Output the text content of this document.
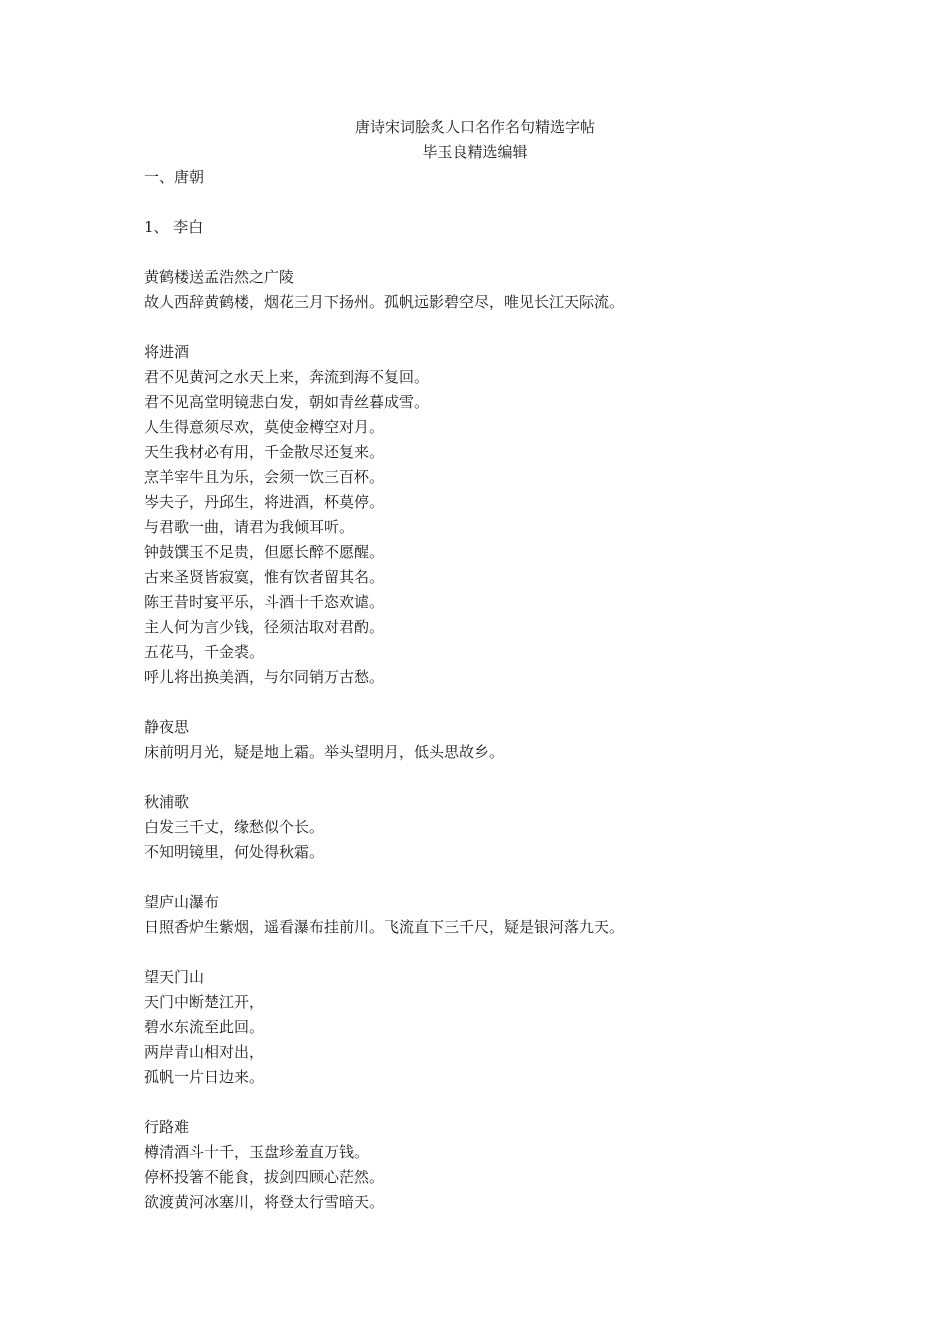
唐诗宋词脍炙人口名作名句精选字帖
毕玉良精选编辑
一、唐朝
1、 李白
黄鹤楼送孟浩然之广陵
故人西辞黄鹤楼，烟花三月下扬州。孤帆远影碧空尽，唯见长江天际流。
将进酒
君不见黄河之水天上来，奔流到海不复回。
君不见高堂明镜悲白发，朝如青丝暮成雪。
人生得意须尽欢，莫使金樽空对月。
天生我材必有用，千金散尽还复来。
烹羊宰牛且为乐，会须一饮三百杯。
岑夫子，丹邱生，将进酒，杯莫停。
与君歌一曲，请君为我倾耳听。
钟鼓馔玉不足贵，但愿长醉不愿醒。
古来圣贤皆寂寞，惟有饮者留其名。
陈王昔时宴平乐，斗酒十千恣欢谑。
主人何为言少钱，径须沽取对君酌。
五花马，千金裘。
呼儿将出换美酒，与尔同销万古愁。
静夜思
床前明月光，疑是地上霜。举头望明月，低头思故乡。
秋浦歌
白发三千丈，缘愁似个长。
不知明镜里，何处得秋霜。
望庐山瀑布
日照香炉生紫烟，遥看瀑布挂前川。飞流直下三千尺，疑是银河落九天。
望天门山
天门中断楚江开，
碧水东流至此回。
两岸青山相对出，
孤帆一片日边来。
行路难
樽清酒斗十千，玉盘珍羞直万钱。
停杯投箸不能食，拔剑四顾心茫然。
欲渡黄河冰塞川，将登太行雪暗天。
